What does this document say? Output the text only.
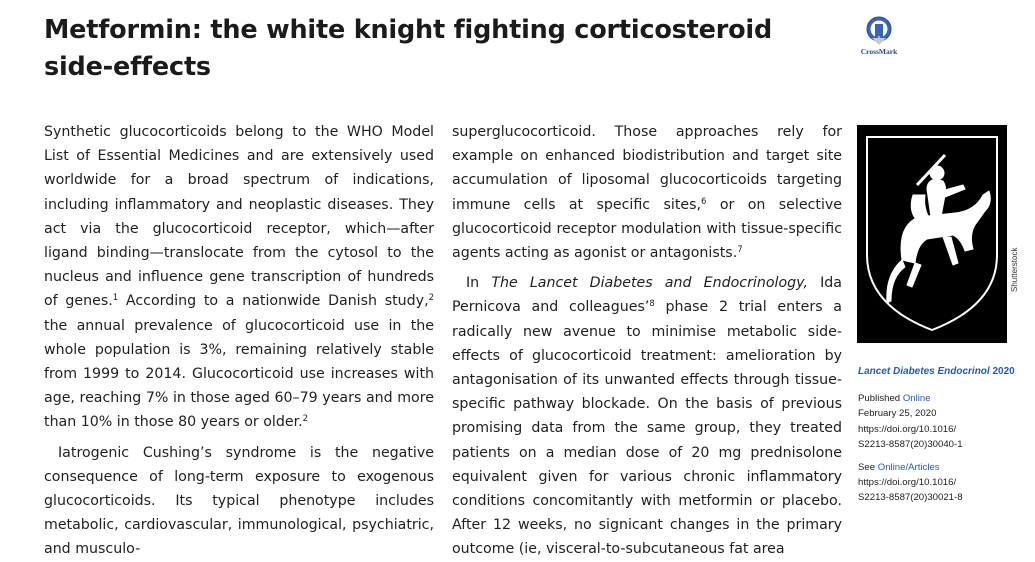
Metformin: the white knight fighting corticosteroid side-effects
CrossMark

Synthetic glucocorticoids belong to the WHO Model List of Essential Medicines and are extensively used worldwide for a broad spectrum of indications, including inflammatory and neoplastic diseases. They act via the glucocorticoid receptor, which—after ligand binding—translocate from the cytosol to the nucleus and influence gene transcription of hundreds of genes.$^1$ According to a nationwide Danish study,$^2$ the annual prevalence of glucocorticoid use in the whole population is 3%, remaining relatively stable from 1999 to 2014. Glucocorticoid use increases with age, reaching 7% in those aged 60–79 years and more than 10% in those 80 years or older.$^2$

Iatrogenic Cushing’s syndrome is the negative consequence of long-term exposure to exogenous glucocorticoids. Its typical phenotype includes metabolic, cardiovascular, immunological, psychiatric, and musculo-

superglucocorticoid. Those approaches rely for example on enhanced biodistribution and target site accumulation of liposomal glucocorticoids targeting immune cells at specific sites,$^6$ or on selective glucocorticoid receptor modulation with tissue-specific agents acting as agonist or antagonists.$^7$

In The Lancet Diabetes and Endocrinology, Ida Pernicova and colleagues’$^8$ phase 2 trial enters a radically new avenue to minimise metabolic side-effects of glucocorticoid treatment: amelioration by antagonisation of its unwanted effects through tissue-specific pathway blockade. On the basis of previous promising data from the same group, they treated patients on a median dose of 20 mg prednisolone equivalent given for various chronic inflammatory conditions concomitantly with metformin or placebo. After 12 weeks, no signicant changes in the primary outcome (ie, visceral-to-subcutaneous fat area

Shutterstock
Lancet Diabetes Endocrinol 2020
Published Online
February 25, 2020
https://doi.org/10.1016/
S2213-8587(20)30040-1
See Online/Articles
https://doi.org/10.1016/
S2213-8587(20)30021-8
